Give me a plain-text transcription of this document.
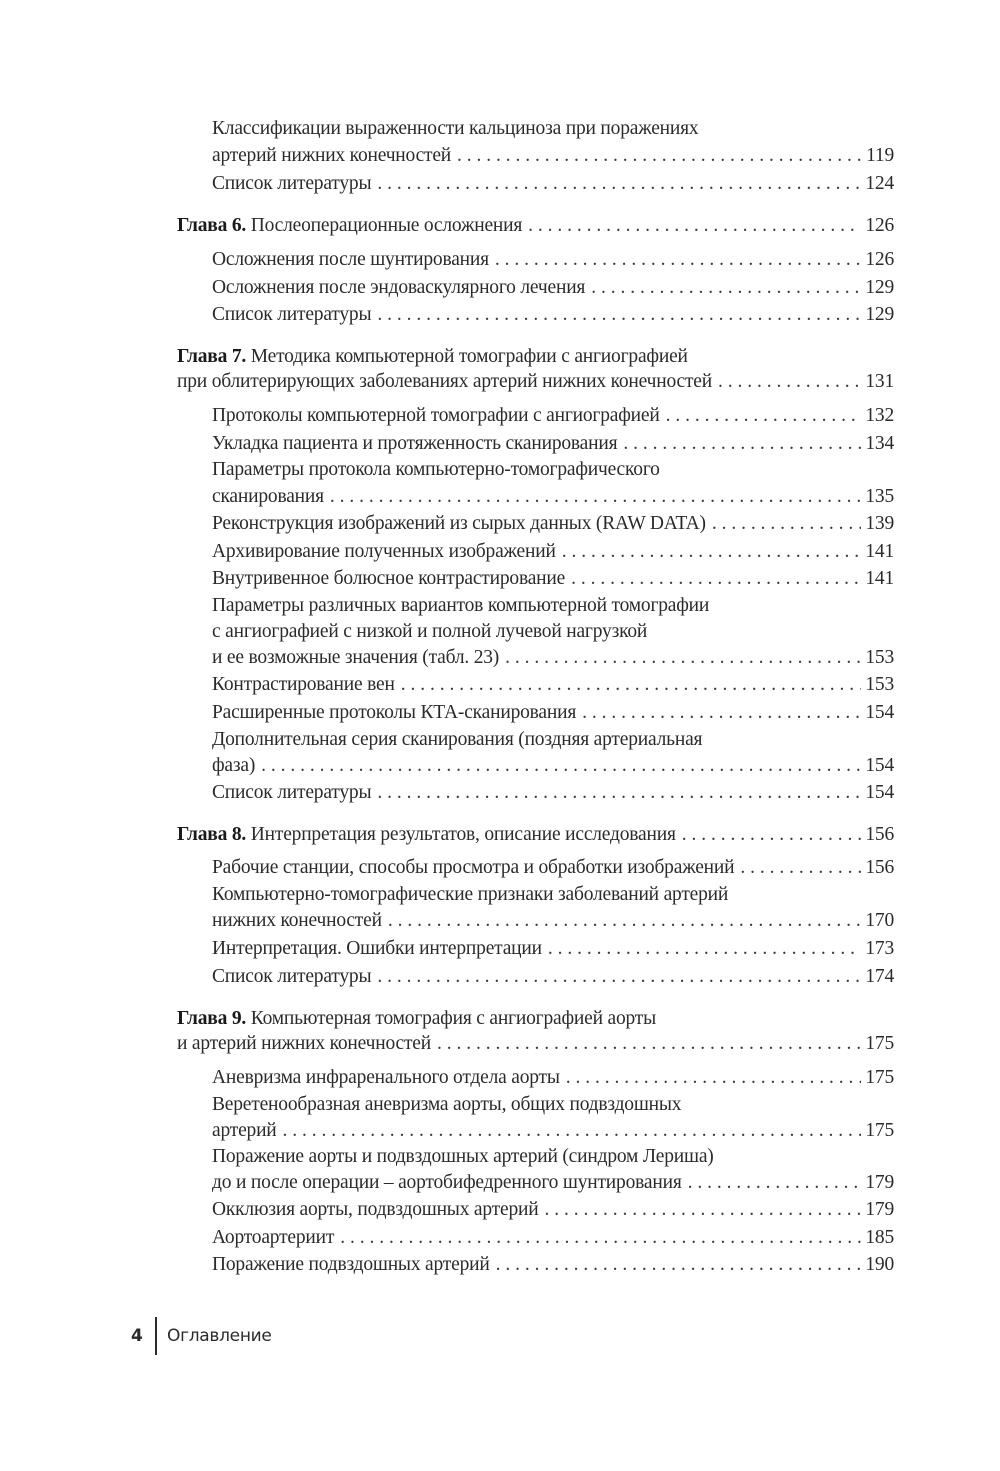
Классификации выраженности кальциноза при поражениях
артерий нижних конечностей . . .	119
Список литературы . . .	124
Глава 6. Послеоперационные осложнения . . .	126
Осложнения после шунтирования . . .	126
Осложнения после эндоваскулярного лечения . . .	129
Список литературы . . .	129
Глава 7. Методика компьютерной томографии с ангиографией
при облитерирующих заболеваниях артерий нижних конечностей . . .	131
Протоколы компьютерной томографии с ангиографией . . .	132
Укладка пациента и протяженность сканирования . . .	134
Параметры протокола компьютерно-томографического
сканирования . . .	135
Реконструкция изображений из сырых данных (RAW DATA) . . .	139
Архивирование полученных изображений . . .	141
Внутривенное болюсное контрастирование . . .	141
Параметры различных вариантов компьютерной томографии
с ангиографией с низкой и полной лучевой нагрузкой
и ее возможные значения (табл. 23) . . .	153
Контрастирование вен . . .	153
Расширенные протоколы КТА-сканирования . . .	154
Дополнительная серия сканирования (поздняя артериальная
фаза) . . .	154
Список литературы . . .	154
Глава 8. Интерпретация результатов, описание исследования . . .	156
Рабочие станции, способы просмотра и обработки изображений . . .	156
Компьютерно-томографические признаки заболеваний артерий
нижних конечностей . . .	170
Интерпретация. Ошибки интерпретации . . .	173
Список литературы . . .	174
Глава 9. Компьютерная томография с ангиографией аорты
и артерий нижних конечностей . . .	175
Аневризма инфраренального отдела аорты . . .	175
Веретенообразная аневризма аорты, общих подвздошных
артерий . . .	175
Поражение аорты и подвздошных артерий (синдром Лериша)
до и после операции – аортобифедренного шунтирования . . .	179
Окклюзия аорты, подвздошных артерий . . .	179
Аортоартериит . . .	185
Поражение подвздошных артерий . . .	190
4 Оглавление
